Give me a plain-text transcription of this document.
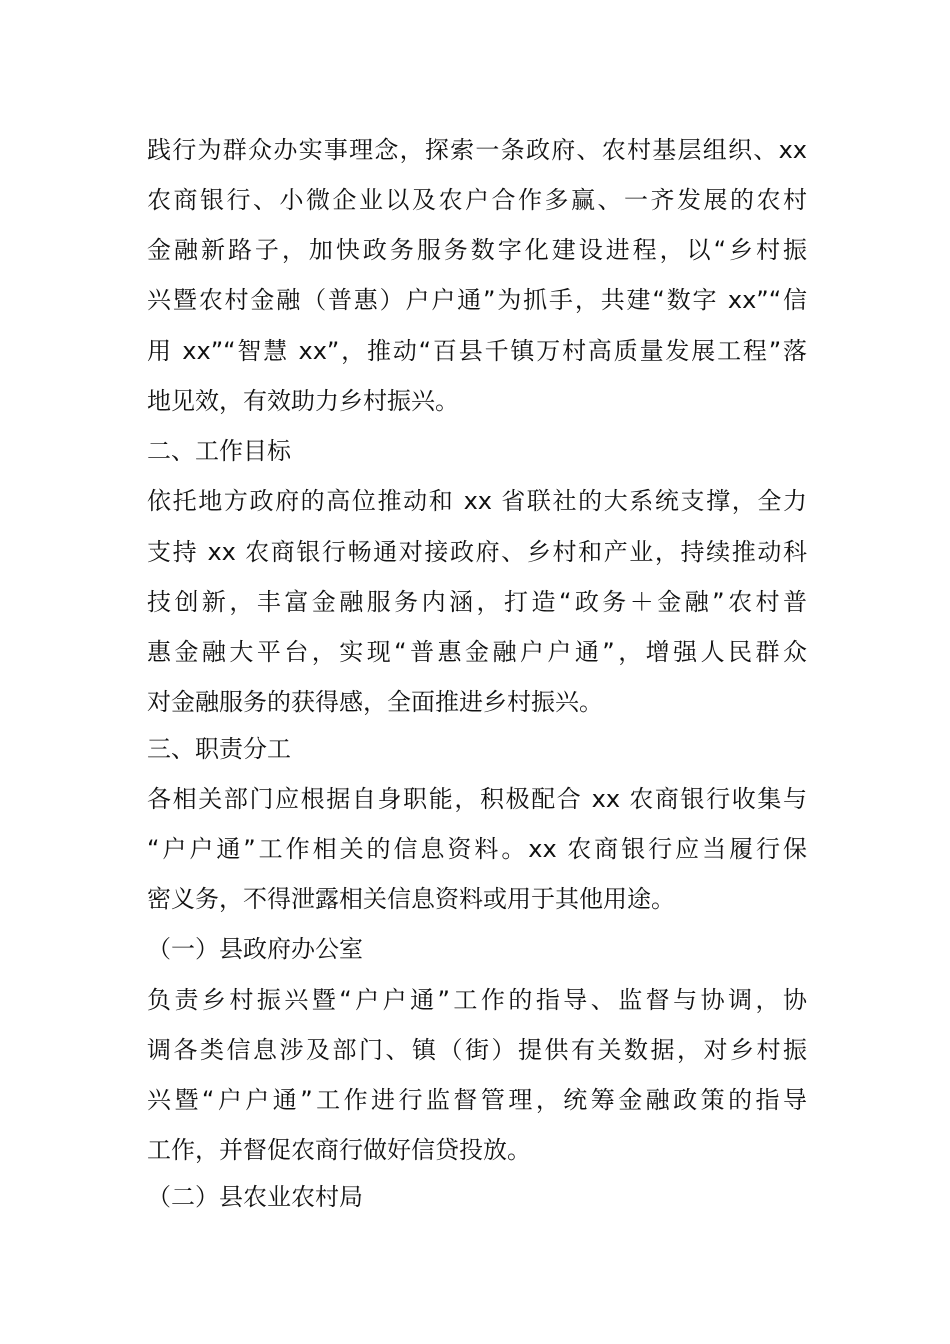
践行为群众办实事理念，探索一条政府、农村基层组织、xx
农商银行、小微企业以及农户合作多赢、一齐发展的农村
金融新路子，加快政务服务数字化建设进程，以“乡村振
兴暨农村金融（普惠）户户通”为抓手，共建“数字 xx”“信
用 xx”“智慧 xx”，推动“百县千镇万村高质量发展工程”落
地见效，有效助力乡村振兴。
二、工作目标
依托地方政府的高位推动和 xx 省联社的大系统支撑，全力
支持 xx 农商银行畅通对接政府、乡村和产业，持续推动科
技创新，丰富金融服务内涵，打造“政务＋金融”农村普
惠金融大平台，实现“普惠金融户户通”，增强人民群众
对金融服务的获得感，全面推进乡村振兴。
三、职责分工
各相关部门应根据自身职能，积极配合 xx 农商银行收集与
“户户通”工作相关的信息资料。xx 农商银行应当履行保
密义务，不得泄露相关信息资料或用于其他用途。
（一）县政府办公室
负责乡村振兴暨“户户通”工作的指导、监督与协调，协
调各类信息涉及部门、镇（街）提供有关数据，对乡村振
兴暨“户户通”工作进行监督管理，统筹金融政策的指导
工作，并督促农商行做好信贷投放。
（二）县农业农村局
